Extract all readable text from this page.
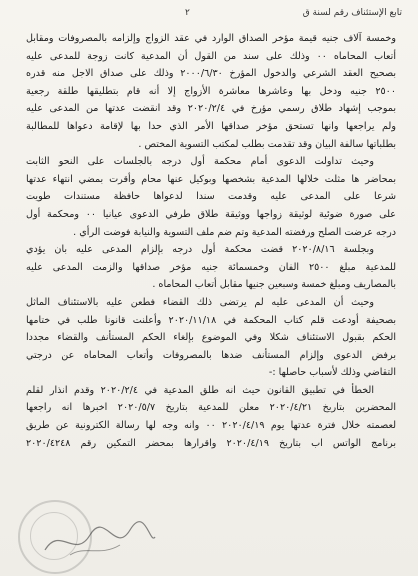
تابع الإستئناف رقم لسنة ق
٢
وخمسة آلاف جنيه قيمة مؤخر الصداق الوارد في عقد الزواج وإلزامه بالمصروفات ومقابل
أتعاب المحاماه ٠٠ وذلك على سند من القول أن المدعية كانت زوجة للمدعى عليه
بصحيح العقد الشرعي والدخول المؤرخ ٢٠٠٠/٦/٣٠ وذلك على صداق الاجل منه قدره
٢٥٠٠ جنيه ودخل بها وعاشرها معاشرة الأزواج إلا أنه قام بتطليقها طلقة رجعية
بموجب إشهاد طلاق رسمي مؤرخ في ٢٠٢٠/٢/٤ وقد انقضت عدتها من المدعى عليه
ولم يراجعها وانها تستحق مؤخر صداقها الأمر الذي حدا بها لإقامة دعواها للمطالبة
بطلباتها سالفة البيان وقد تقدمت بطلب لمكتب التسوية المختص .
وحيث تداولت الدعوى أمام محكمة أول درجه بالجلسات على النحو الثابت
بمحاضر ها مثلت خلالها المدعية بشخصها وبوكيل عنها محام وأقرت بمضي انتهاء عدتها
شرعا على المدعى عليه وقدمت سندا لدعواها حافظة مستندات طويت
على صورة ضوئية لوثيقة زواجها ووثيقة طلاق طرفي الدعوى عيانيا ٠٠ ومحكمة أول
درجه عرضت الصلح ورفضته المدعية وتم ضم ملف التسوية والنيابة فوضت الرأي .
وبجلسة ٢٠٢٠/٨/١٦ قضت محكمة أول درجه بإلزام المدعى عليه بان يؤدي
للمدعية مبلغ ٢٥٠٠ الفان وخمسمائة جنيه مؤخر صداقها والزمت المدعى عليه
بالمصاريف ومبلغ خمسة وسبعين جنيها مقابل أتعاب المحاماه .
وحيث أن المدعى عليه لم يرتضى ذلك القضاء فطعن عليه بالاستئناف الماثل
بصحيفة أودعت قلم كتاب المحكمة في ٢٠٢٠/١١/١٨ وأعلنت قانونا طلب في ختامها
الحكم بقبول الاستئناف شكلا وفي الموضوع بإلغاء الحكم المستأنف والقضاء مجددا
برفض الدعوى وإلزام المستأنف ضدها بالمصروفات وأتعاب المحاماه عن درجتي
التقاضي وذلك لأسباب حاصلها :-
الخطأ في تطبيق القانون حيث انه طلق المدعية في ٢٠٢٠/٢/٤ وقدم انذار لقلم
المحضرين بتاريخ ٢٠٢٠/٤/٢١ معلن للمدعية بتاريخ ٢٠٢٠/٥/٧ اخبرها انه راجعها
لعصمته خلال فترة عدتها يوم ٢٠٢٠/٤/١٩ ٠٠ وانه وجه لها رسالة الكترونية عن طريق
برنامج الواتس اب بتاريخ ٢٠٢٠/٤/١٩ واقرارها بمحضر التمكين رقم ٢٠٢٠/٤٢٤٨
